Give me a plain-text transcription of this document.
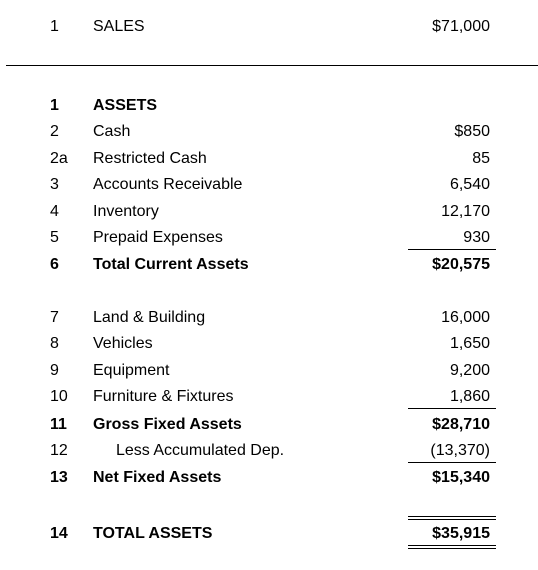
1 SALES	$71,000
1 ASSETS
2 Cash	$850
2a Restricted Cash	85
3 Accounts Receivable	6,540
4 Inventory	12,170
5 Prepaid Expenses	930
6 Total Current Assets	$20,575
7 Land & Building	16,000
8 Vehicles	1,650
9 Equipment	9,200
10 Furniture & Fixtures	1,860
11 Gross Fixed Assets	$28,710
12	Less Accumulated Dep.	(13,370)
13 Net Fixed Assets	$15,340
14 TOTAL ASSETS	$35,915
